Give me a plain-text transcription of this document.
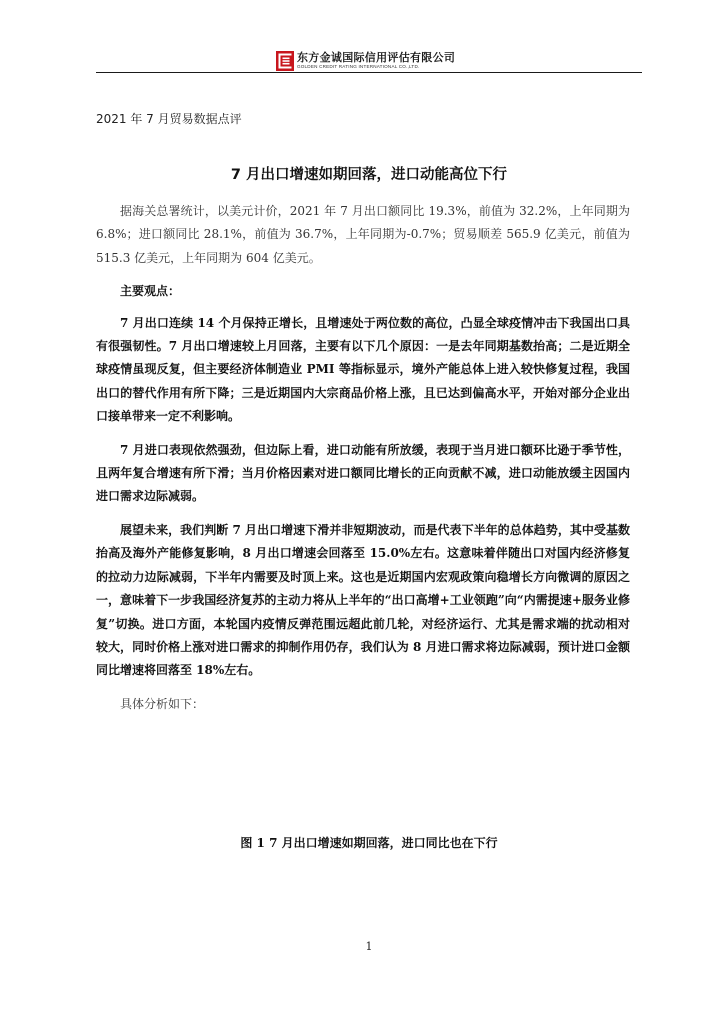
东方金诚国际信用评估有限公司
GOLDEN CREDIT RATING INTERNATIONAL CO.,LTD.
2021 年 7 月贸易数据点评
7 月出口增速如期回落，进口动能高位下行

据海关总署统计，以美元计价，2021 年 7 月出口额同比 19.3%，前值为 32.2%，上年同期为 6.8%；进口额同比 28.1%，前值为 36.7%，上年同期为-0.7%；贸易顺差 565.9 亿美元，前值为 515.3 亿美元，上年同期为 604 亿美元。

主要观点：

7 月出口连续 14 个月保持正增长，且增速处于两位数的高位，凸显全球疫情冲击下我国出口具有很强韧性。7 月出口增速较上月回落，主要有以下几个原因：一是去年同期基数抬高；二是近期全球疫情虽现反复，但主要经济体制造业 PMI 等指标显示，境外产能总体上进入较快修复过程，我国出口的替代作用有所下降；三是近期国内大宗商品价格上涨，且已达到偏高水平，开始对部分企业出口接单带来一定不利影响。

7 月进口表现依然强劲，但边际上看，进口动能有所放缓，表现于当月进口额环比逊于季节性，且两年复合增速有所下滑；当月价格因素对进口额同比增长的正向贡献不减，进口动能放缓主因国内进口需求边际减弱。

展望未来，我们判断 7 月出口增速下滑并非短期波动，而是代表下半年的总体趋势，其中受基数抬高及海外产能修复影响，8 月出口增速会回落至 15.0%左右。这意味着伴随出口对国内经济修复的拉动力边际减弱，下半年内需要及时顶上来。这也是近期国内宏观政策向稳增长方向微调的原因之一，意味着下一步我国经济复苏的主动力将从上半年的“出口高增+工业领跑”向“内需提速+服务业修复”切换。进口方面，本轮国内疫情反弹范围远超此前几轮，对经济运行、尤其是需求端的扰动相对较大，同时价格上涨对进口需求的抑制作用仍存，我们认为 8 月进口需求将边际减弱，预计进口金额同比增速将回落至 18%左右。

具体分析如下：

图 1 7 月出口增速如期回落，进口同比也在下行
1
